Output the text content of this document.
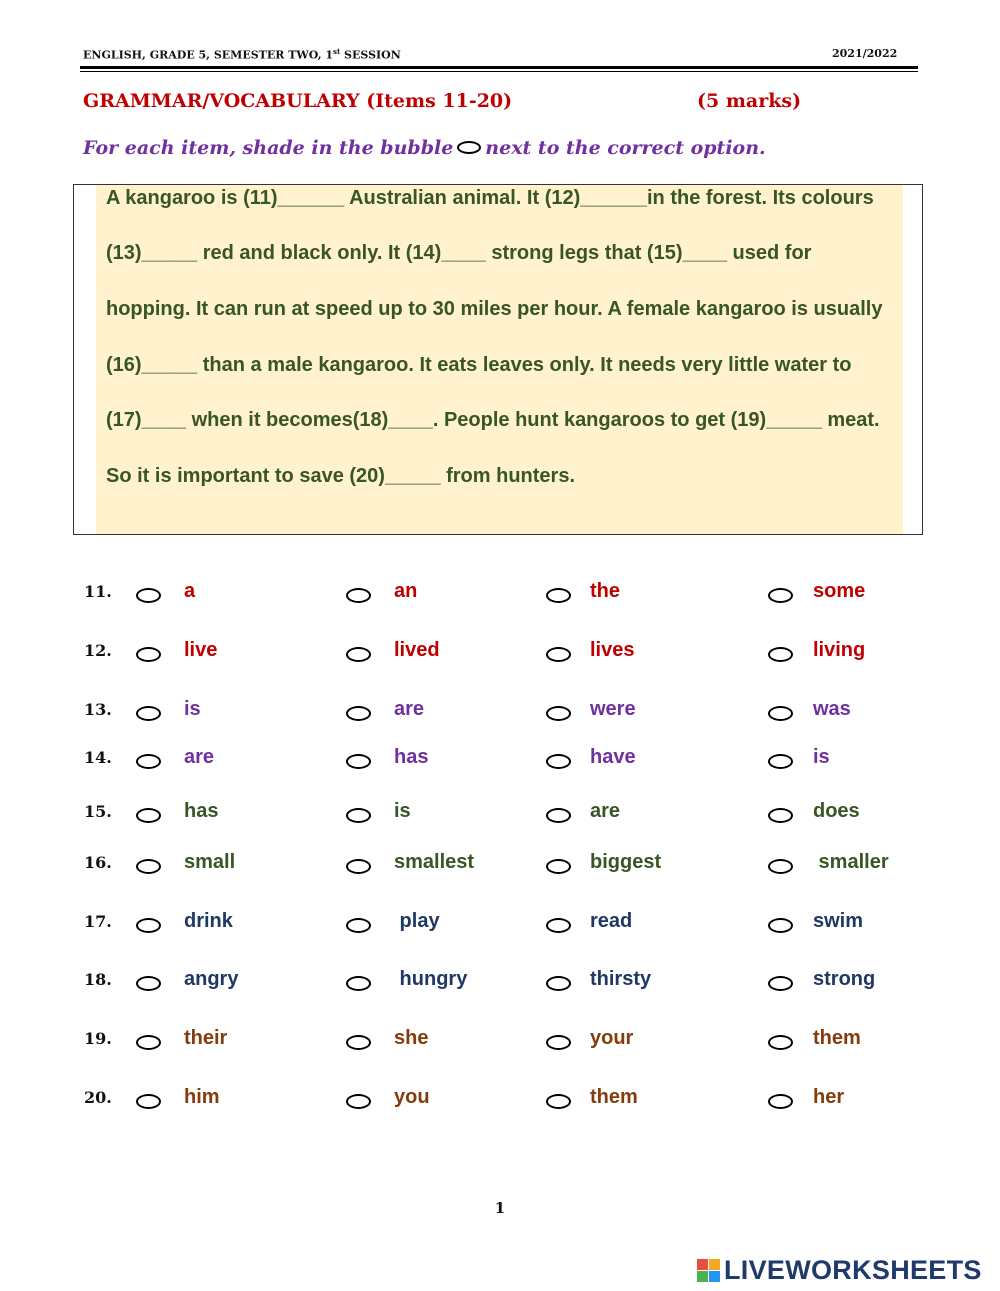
ENGLISH, GRADE 5, SEMESTER TWO, 1st SESSION	2021/2022
GRAMMAR/VOCABULARY (Items 11-20)	(5 marks)
For each item, shade in the bubble next to the correct option.
A kangaroo is (11)______ Australian animal. It (12)______in the forest. Its colours
(13)_____ red and black only. It (14)____ strong legs that (15)____ used for
hopping. It can run at speed up to 30 miles per hour. A female kangaroo is usually
(16)_____ than a male kangaroo. It eats leaves only. It needs very little water to
(17)____ when it becomes(18)____. People hunt kangaroos to get (19)_____ meat.
So it is important to save (20)_____ from hunters.
11.	a	an	the	some
12.	live	lived	lives	living
13.	is	are	were	was
14.	are	has	have	is
15.	has	is	are	does
16.	small	smallest	biggest	smaller
17.	drink	play	read	swim
18.	angry	hungry	thirsty	strong
19.	their	she	your	them
20.	him	you	them	her
1
LIVEWORKSHEETS
